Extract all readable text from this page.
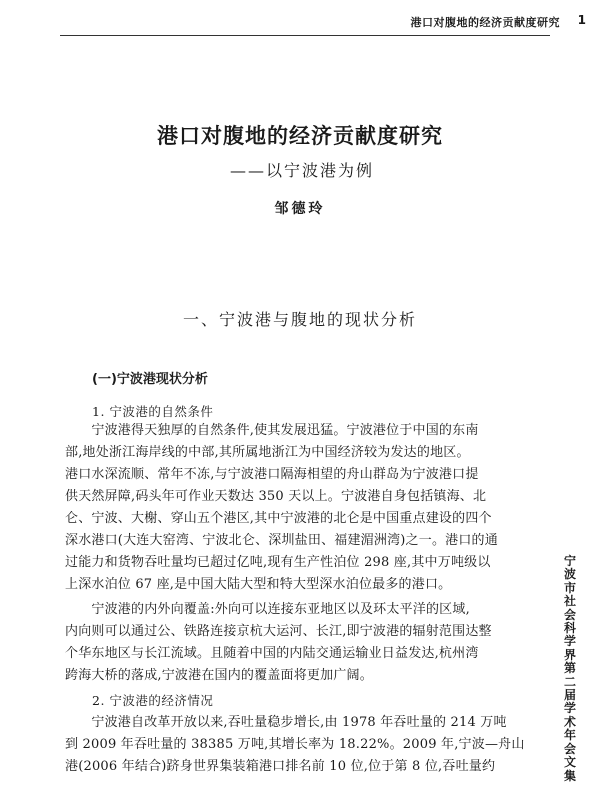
港口对腹地的经济贡献度研究 1
港口对腹地的经济贡献度研究
——以宁波港为例
邹德玲
一、宁波港与腹地的现状分析
(一)宁波港现状分析
1. 宁波港的自然条件
　　宁波港得天独厚的自然条件,使其发展迅猛。宁波港位于中国的东南
部,地处浙江海岸线的中部,其所属地浙江为中国经济较为发达的地区。
港口水深流顺、常年不冻,与宁波港口隔海相望的舟山群岛为宁波港口提
供天然屏障,码头年可作业天数达 350 天以上。宁波港自身包括镇海、北
仑、宁波、大榭、穿山五个港区,其中宁波港的北仑是中国重点建设的四个
深水港口(大连大窑湾、宁波北仑、深圳盐田、福建湄洲湾)之一。港口的通
过能力和货物吞吐量均已超过亿吨,现有生产性泊位 298 座,其中万吨级以
上深水泊位 67 座,是中国大陆大型和特大型深水泊位最多的港口。
　　宁波港的内外向覆盖:外向可以连接东亚地区以及环太平洋的区域,
内向则可以通过公、铁路连接京杭大运河、长江,即宁波港的辐射范围达整
个华东地区与长江流域。且随着中国的内陆交通运输业日益发达,杭州湾
跨海大桥的落成,宁波港在国内的覆盖面将更加广阔。
2. 宁波港的经济情况
　　宁波港自改革开放以来,吞吐量稳步增长,由 1978 年吞吐量的 214 万吨
到 2009 年吞吐量的 38385 万吨,其增长率为 18.22%。2009 年,宁波—舟山
港(2006 年结合)跻身世界集装箱港口排名前 10 位,位于第 8 位,吞吐量约
宁波市社会科学界第二届学术年会文集
